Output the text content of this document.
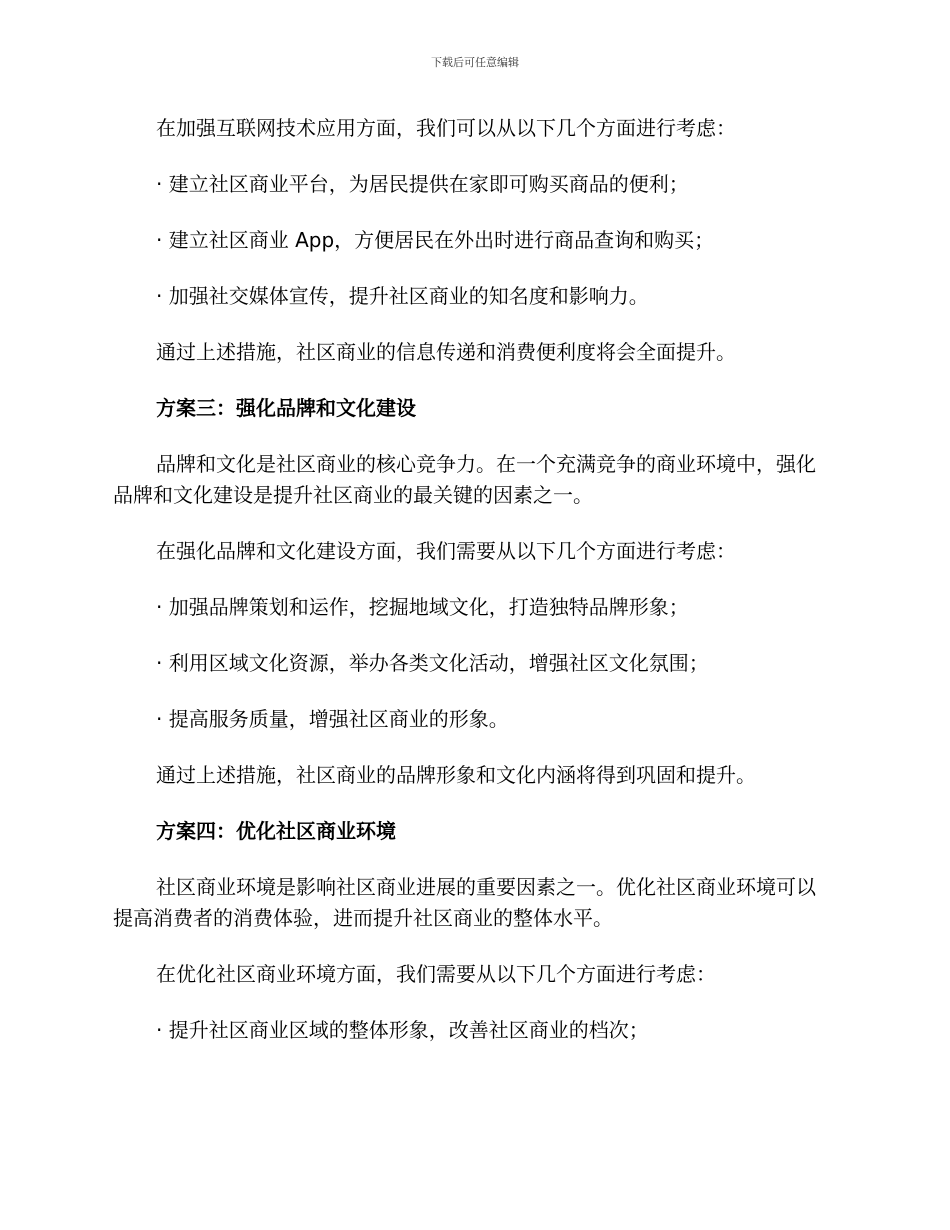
下载后可任意编辑

在加强互联网技术应用方面，我们可以从以下几个方面进行考虑：

· 建立社区商业平台，为居民提供在家即可购买商品的便利；

· 建立社区商业 App，方便居民在外出时进行商品查询和购买；

· 加强社交媒体宣传，提升社区商业的知名度和影响力。

通过上述措施，社区商业的信息传递和消费便利度将会全面提升。

方案三：强化品牌和文化建设

品牌和文化是社区商业的核心竞争力。在一个充满竞争的商业环境中，强化品牌和文化建设是提升社区商业的最关键的因素之一。

在强化品牌和文化建设方面，我们需要从以下几个方面进行考虑：

· 加强品牌策划和运作，挖掘地域文化，打造独特品牌形象；

· 利用区域文化资源，举办各类文化活动，增强社区文化氛围；

· 提高服务质量，增强社区商业的形象。

通过上述措施，社区商业的品牌形象和文化内涵将得到巩固和提升。

方案四：优化社区商业环境

社区商业环境是影响社区商业进展的重要因素之一。优化社区商业环境可以提高消费者的消费体验，进而提升社区商业的整体水平。

在优化社区商业环境方面，我们需要从以下几个方面进行考虑：

· 提升社区商业区域的整体形象，改善社区商业的档次；
